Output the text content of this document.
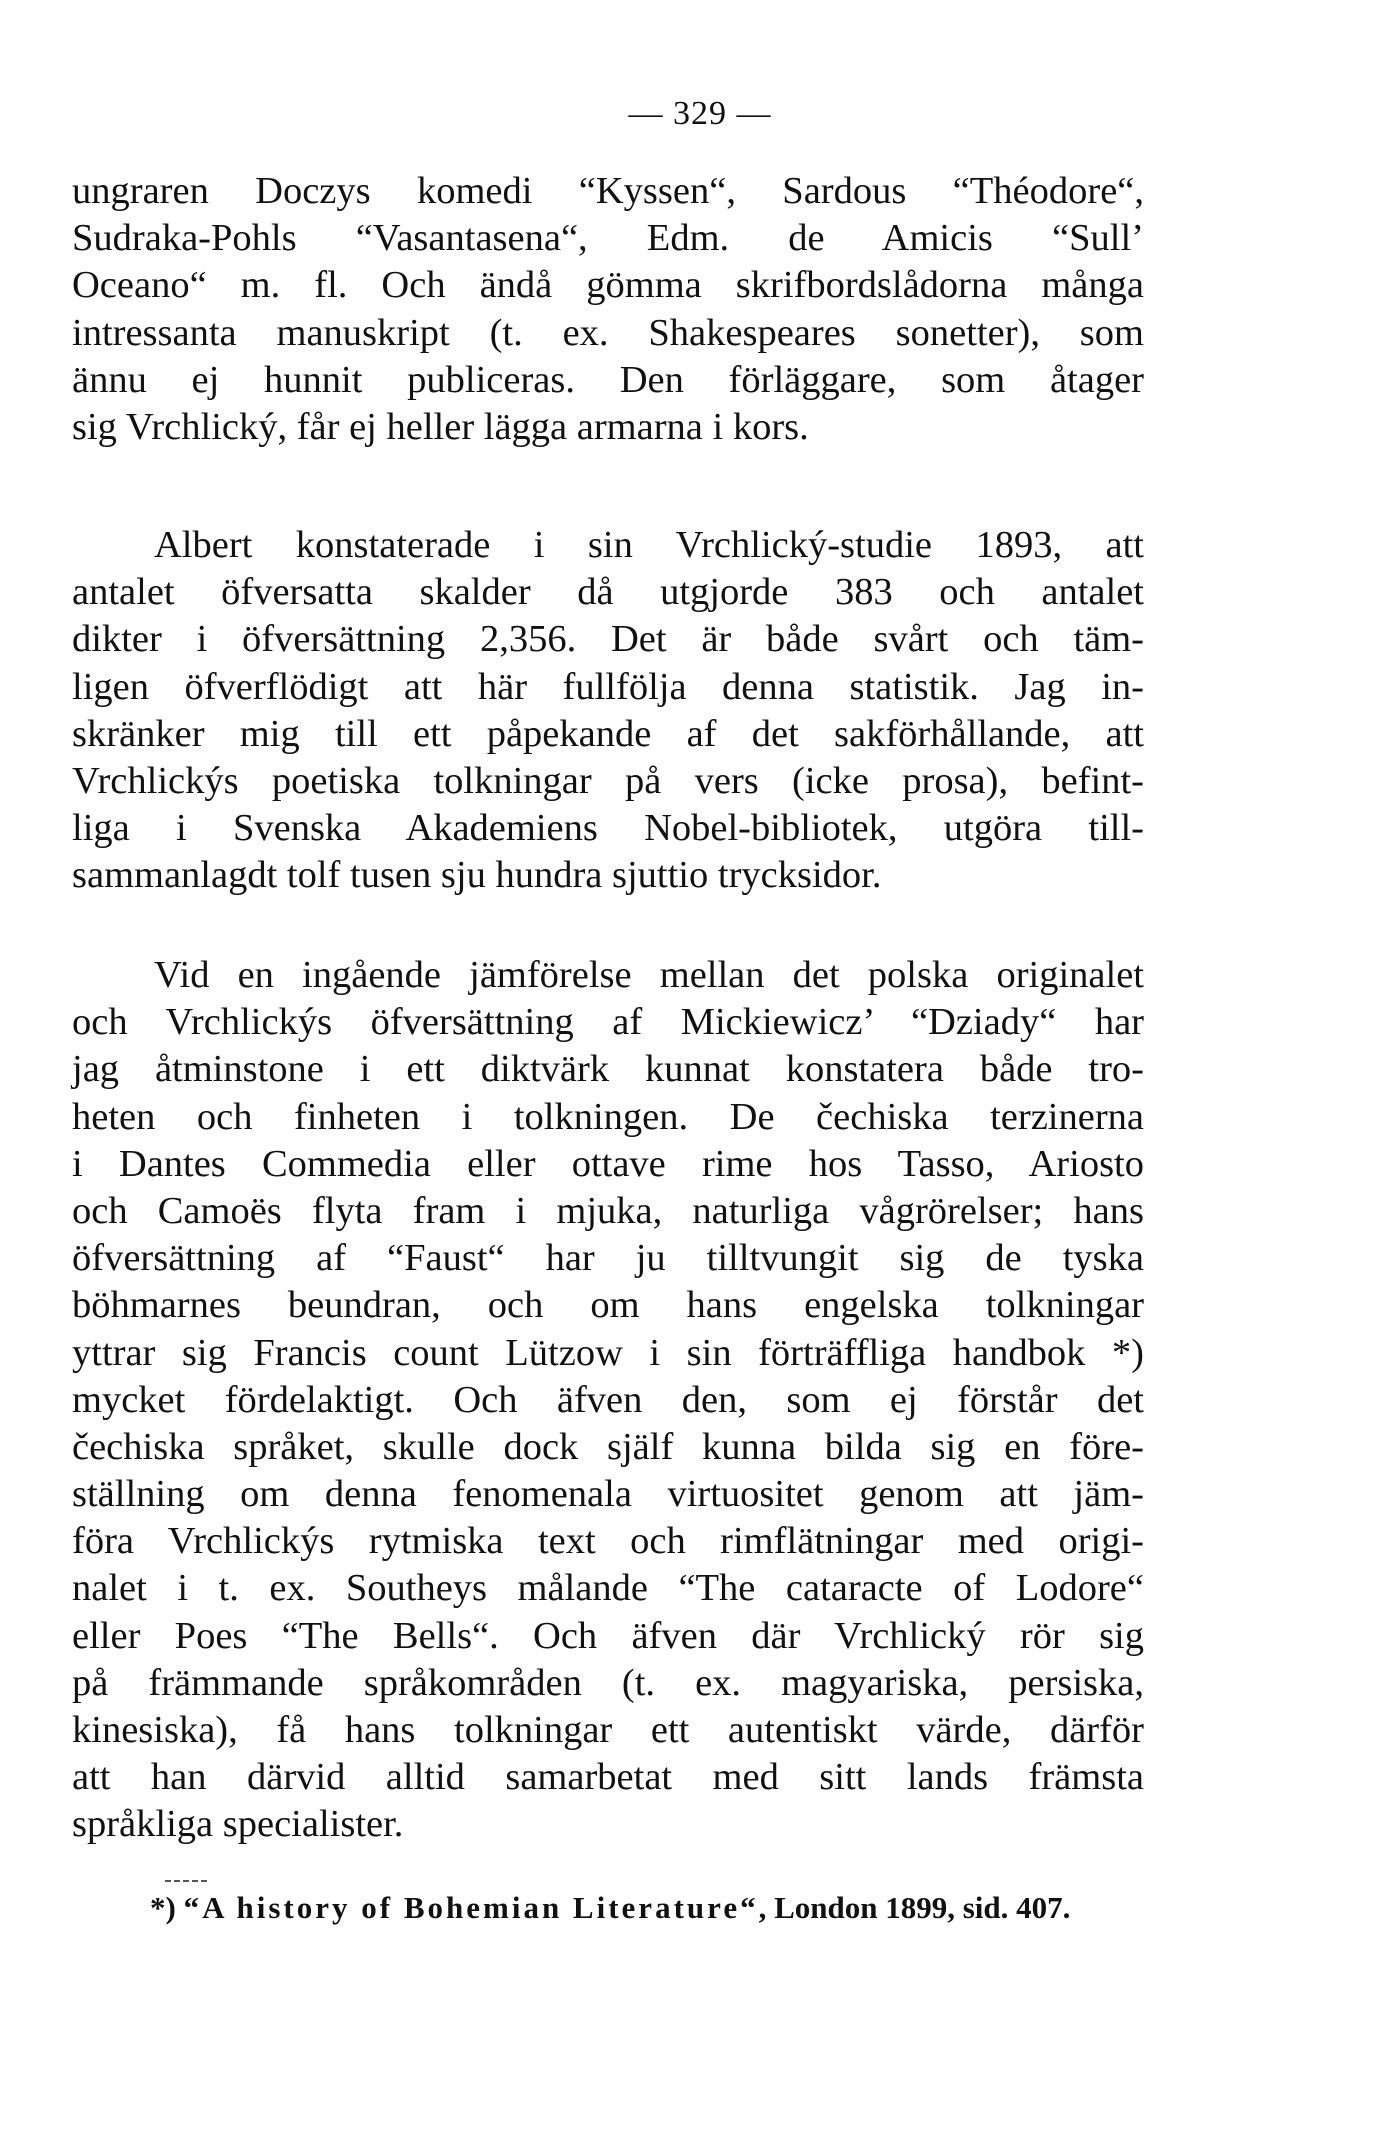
— 329 —
ungraren Doczys komedi “Kyssen“, Sardous “Théodore“,
Sudraka-Pohls “Vasantasena“, Edm. de Amicis “Sull’
Oceano“ m. fl. Och ändå gömma skrifbordslådorna många
intressanta manuskript (t. ex. Shakespeares sonetter), som
ännu ej hunnit publiceras. Den förläggare, som åtager
sig Vrchlický, får ej heller lägga armarna i kors.
Albert konstaterade i sin Vrchlický-studie 1893, att
antalet öfversatta skalder då utgjorde 383 och antalet
dikter i öfversättning 2,356. Det är både svårt och täm-
ligen öfverflödigt att här fullfölja denna statistik. Jag in-
skränker mig till ett påpekande af det sakförhållande, att
Vrchlickýs poetiska tolkningar på vers (icke prosa), befint-
liga i Svenska Akademiens Nobel-bibliotek, utgöra till-
sammanlagdt tolf tusen sju hundra sjuttio trycksidor.
Vid en ingående jämförelse mellan det polska originalet
och Vrchlickýs öfversättning af Mickiewicz’ “Dziady“ har
jag åtminstone i ett diktvärk kunnat konstatera både tro-
heten och finheten i tolkningen. De čechiska terzinerna
i Dantes Commedia eller ottave rime hos Tasso, Ariosto
och Camoës flyta fram i mjuka, naturliga vågrörelser; hans
öfversättning af “Faust“ har ju tilltvungit sig de tyska
böhmarnes beundran, och om hans engelska tolkningar
yttrar sig Francis count Lützow i sin förträffliga handbok *)
mycket fördelaktigt. Och äfven den, som ej förstår det
čechiska språket, skulle dock själf kunna bilda sig en före-
ställning om denna fenomenala virtuositet genom att jäm-
föra Vrchlickýs rytmiska text och rimflätningar med origi-
nalet i t. ex. Southeys målande “The cataracte of Lodore“
eller Poes “The Bells“. Och äfven där Vrchlický rör sig
på främmande språkområden (t. ex. magyariska, persiska,
kinesiska), få hans tolkningar ett autentiskt värde, därför
att han därvid alltid samarbetat med sitt lands främsta
språkliga specialister.
*) “A history of Bohemian Literature“, London 1899, sid. 407.
